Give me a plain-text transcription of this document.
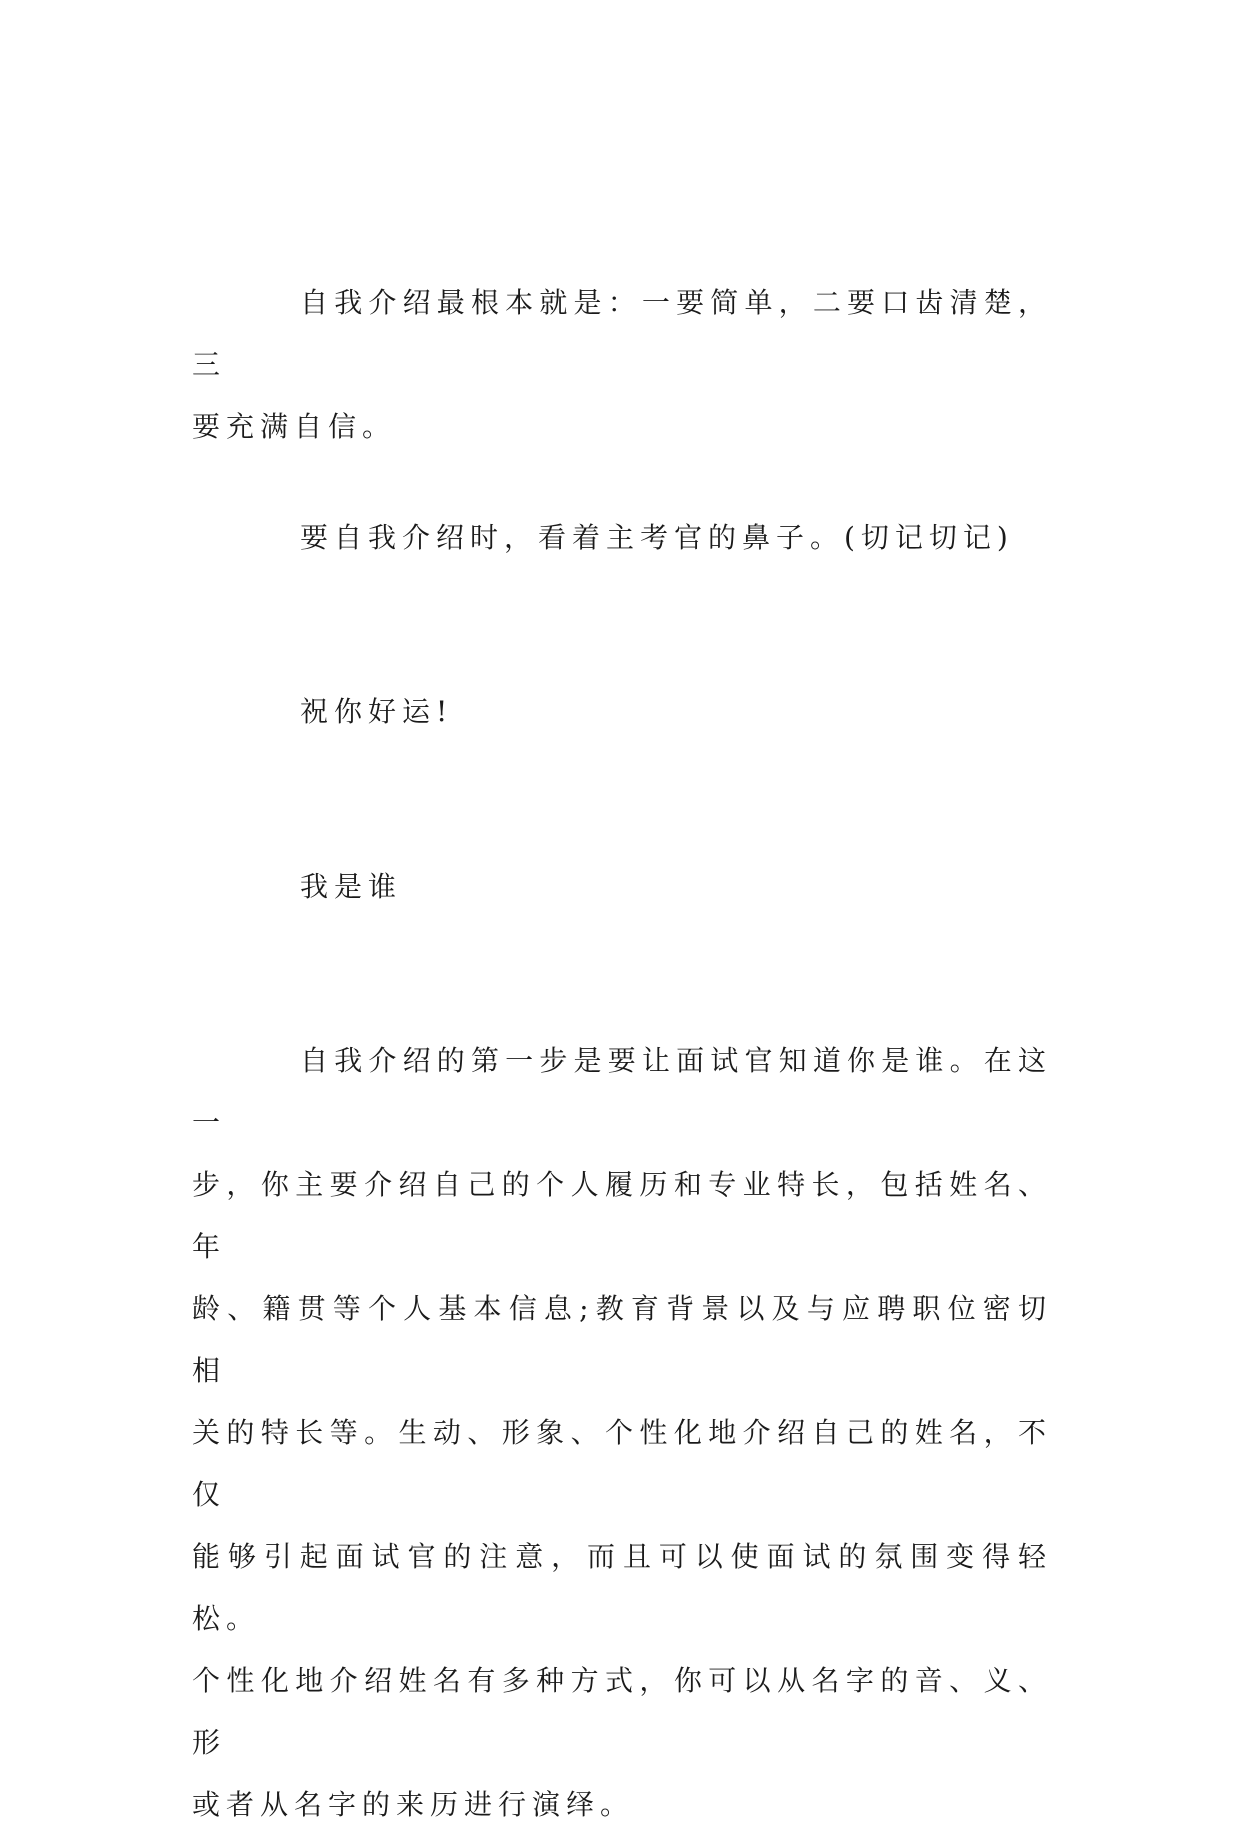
自我介绍最根本就是：一要简单，二要口齿清楚，三
要充满自信。

要自我介绍时，看着主考官的鼻子。(切记切记)

祝你好运!

我是谁

自我介绍的第一步是要让面试官知道你是谁。在这一
步，你主要介绍自己的个人履历和专业特长，包括姓名、年
龄、籍贯等个人基本信息;教育背景以及与应聘职位密切相
关的特长等。生动、形象、个性化地介绍自己的姓名，不仅
能够引起面试官的注意，而且可以使面试的氛围变得轻松。
个性化地介绍姓名有多种方式，你可以从名字的音、义、形
或者从名字的来历进行演绎。
